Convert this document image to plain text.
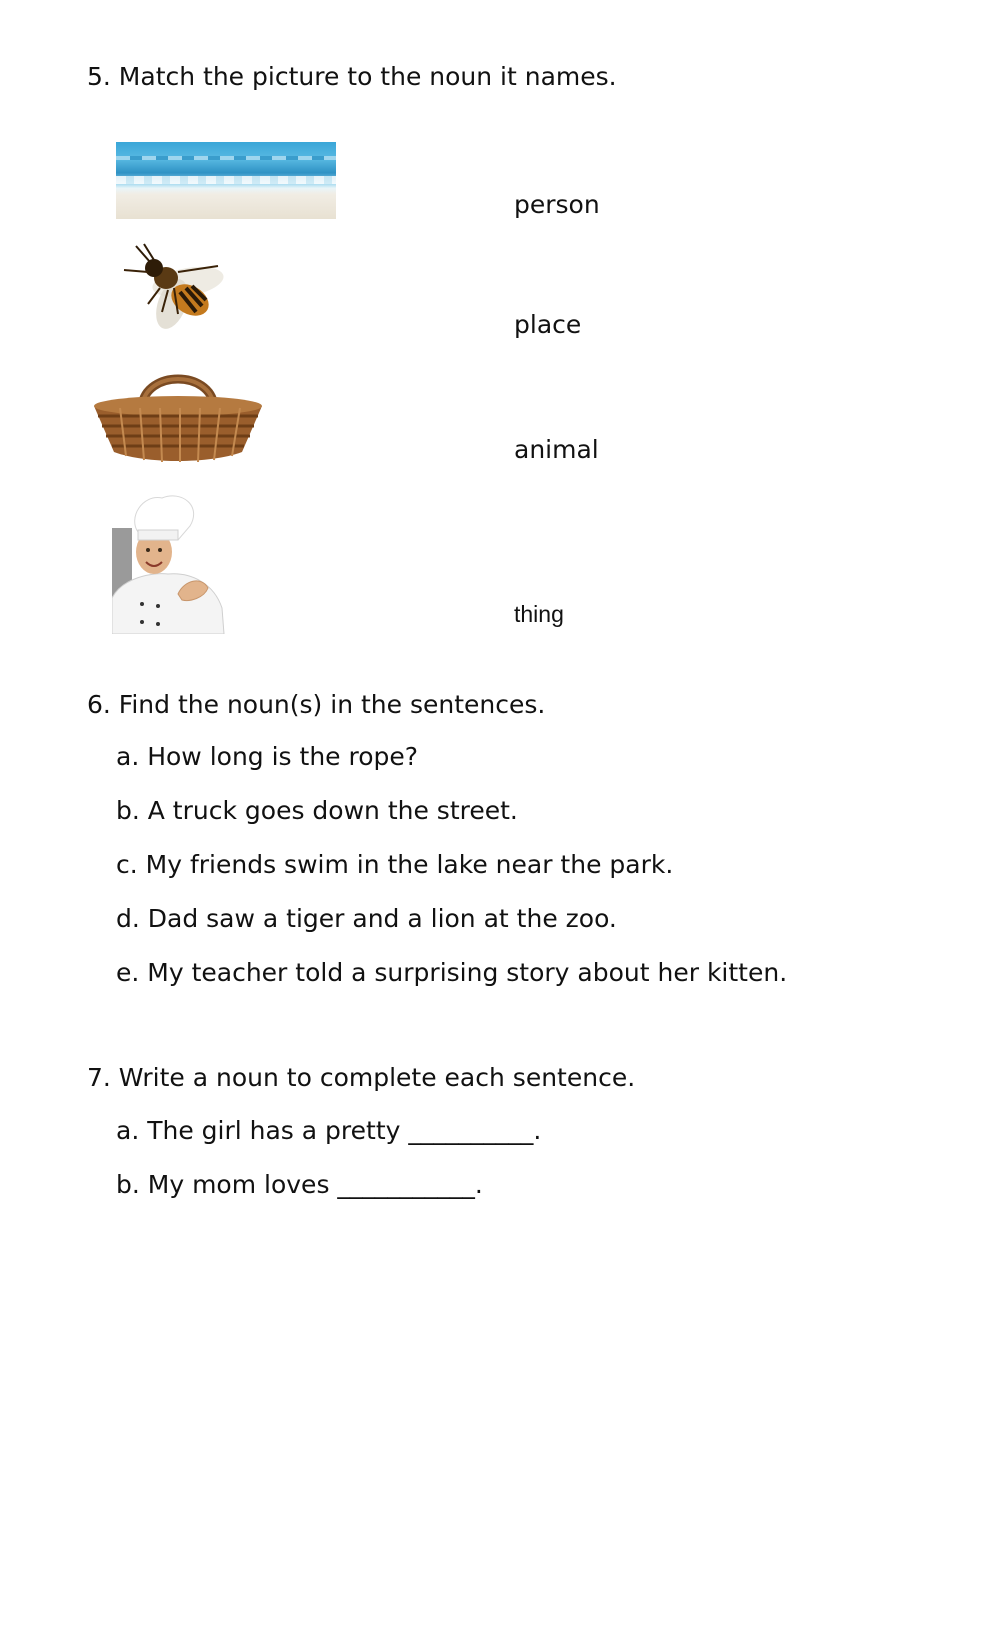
5. Match the picture to the noun it names.
person
place
animal
thing
6. Find the noun(s) in the sentences.
a. How long is the rope?
b. A truck goes down the street.
c. My friends swim in the lake near the park.
d. Dad saw a tiger and a lion at the zoo.
e. My teacher told a surprising story about her kitten.
7. Write a noun to complete each sentence.
a. The girl has a pretty __________.
b. My mom loves ___________.
